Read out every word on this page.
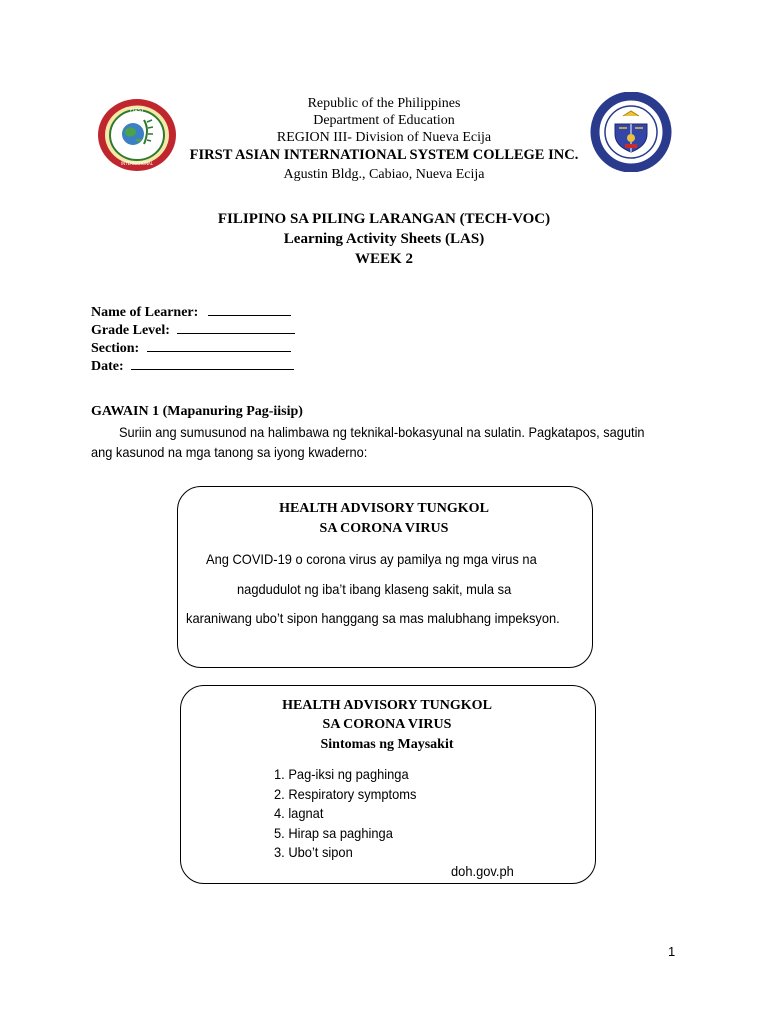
FIRST
INTERNATIONAL
Republic of the Philippines
Department of Education
REGION III- Division of Nueva Ecija
FIRST ASIAN INTERNATIONAL SYSTEM COLLEGE INC.
Agustin Bldg., Cabiao, Nueva Ecija
FILIPINO SA PILING LARANGAN (TECH-VOC)
Learning Activity Sheets (LAS)
WEEK 2
Name of Learner:
Grade Level:
Section:
Date:
GAWAIN 1 (Mapanuring Pag-iisip)
Suriin ang sumusunod na halimbawa ng teknikal-bokasyunal na sulatin. Pagkatapos, sagutin
ang kasunod na mga tanong sa iyong kwaderno:
HEALTH ADVISORY TUNGKOL
SA CORONA VIRUS
Ang COVID-19 o corona virus ay pamilya ng mga virus na
nagdudulot ng iba’t ibang klaseng sakit, mula sa
karaniwang ubo’t sipon hanggang sa mas malubhang impeksyon.
HEALTH ADVISORY TUNGKOL
SA CORONA VIRUS
Sintomas ng Maysakit
1. Pag-iksi ng paghinga
2. Respiratory symptoms
4. lagnat
5. Hirap sa paghinga
3. Ubo’t sipon
doh.gov.ph
1
